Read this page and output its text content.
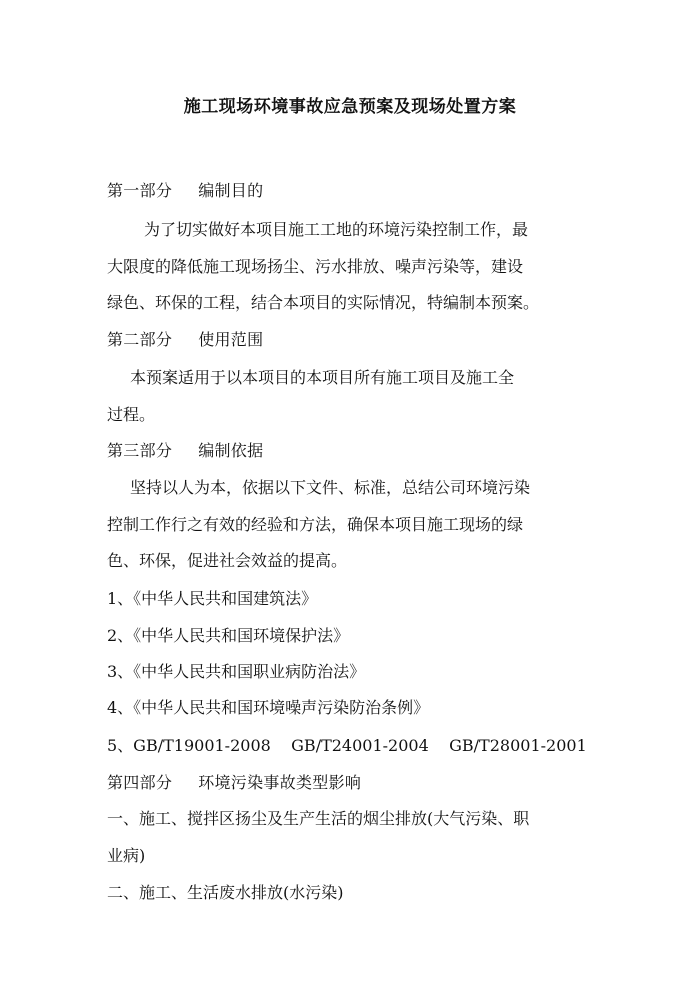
施工现场环境事故应急预案及现场处置方案
第一部分 编制目的
为了切实做好本项目施工工地的环境污染控制工作，最
大限度的降低施工现场扬尘、污水排放、噪声污染等，建设
绿色、环保的工程，结合本项目的实际情况，特编制本预案。
第二部分 使用范围
本预案适用于以本项目的本项目所有施工项目及施工全
过程。
第三部分 编制依据
坚持以人为本，依据以下文件、标准，总结公司环境污染
控制工作行之有效的经验和方法，确保本项目施工现场的绿
色、环保，促进社会效益的提高。
1、《中华人民共和国建筑法》
2、《中华人民共和国环境保护法》
3、《中华人民共和国职业病防治法》
4、《中华人民共和国环境噪声污染防治条例》
5、GB/T19001-2008    GB/T24001-2004    GB/T28001-2001
第四部分 环境污染事故类型影响
一、施工、搅拌区扬尘及生产生活的烟尘排放(大气污染、职
业病)
二、施工、生活废水排放(水污染)
